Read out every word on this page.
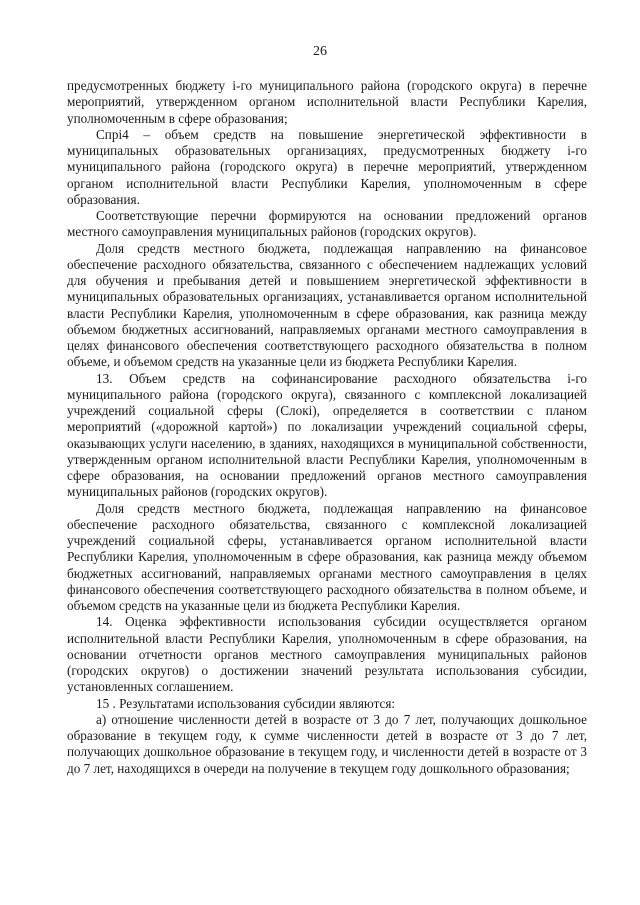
26

предусмотренных бюджету i-го муниципального района (городского округа) в перечне мероприятий, утвержденном органом исполнительной власти Республики Карелия, уполномоченным в сфере образования;

Спрi4 – объем средств на повышение энергетической эффективности в муниципальных образовательных организациях, предусмотренных бюджету i-го муниципального района (городского округа) в перечне мероприятий, утвержденном органом исполнительной власти Республики Карелия, уполномоченным в сфере образования.

Соответствующие перечни формируются на основании предложений органов местного самоуправления муниципальных районов (городских округов).

Доля средств местного бюджета, подлежащая направлению на финансовое обеспечение расходного обязательства, связанного с обеспечением надлежащих условий для обучения и пребывания детей и повышением энергетической эффективности в муниципальных образовательных организациях, устанавливается органом исполнительной власти Республики Карелия, уполномоченным в сфере образования, как разница между объемом бюджетных ассигнований, направляемых органами местного самоуправления в целях финансового обеспечения соответствующего расходного обязательства в полном объеме, и объемом средств на указанные цели из бюджета Республики Карелия.

13. Объем средств на софинансирование расходного обязательства i-го муниципального района (городского округа), связанного с комплексной локализацией учреждений социальной сферы (Слокi), определяется в соответствии с планом мероприятий («дорожной картой») по локализации учреждений социальной сферы, оказывающих услуги населению, в зданиях, находящихся в муниципальной собственности, утвержденным органом исполнительной власти Республики Карелия, уполномоченным в сфере образования, на основании предложений органов местного самоуправления муниципальных районов (городских округов).

Доля средств местного бюджета, подлежащая направлению на финансовое обеспечение расходного обязательства, связанного с комплексной локализацией учреждений социальной сферы, устанавливается органом исполнительной власти Республики Карелия, уполномоченным в сфере образования, как разница между объемом бюджетных ассигнований, направляемых органами местного самоуправления в целях финансового обеспечения соответствующего расходного обязательства в полном объеме, и объемом средств на указанные цели из бюджета Республики Карелия.

14. Оценка эффективности использования субсидии осуществляется органом исполнительной власти Республики Карелия, уполномоченным в сфере образования, на основании отчетности органов местного самоуправления муниципальных районов (городских округов) о достижении значений результата использования субсидии, установленных соглашением.

15 . Результатами использования субсидии являются:

а) отношение численности детей в возрасте от 3 до 7 лет, получающих дошкольное образование в текущем году, к сумме численности детей в возрасте от 3 до 7 лет, получающих дошкольное образование в текущем году, и численности детей в возрасте от 3 до 7 лет, находящихся в очереди на получение в текущем году дошкольного образования;
